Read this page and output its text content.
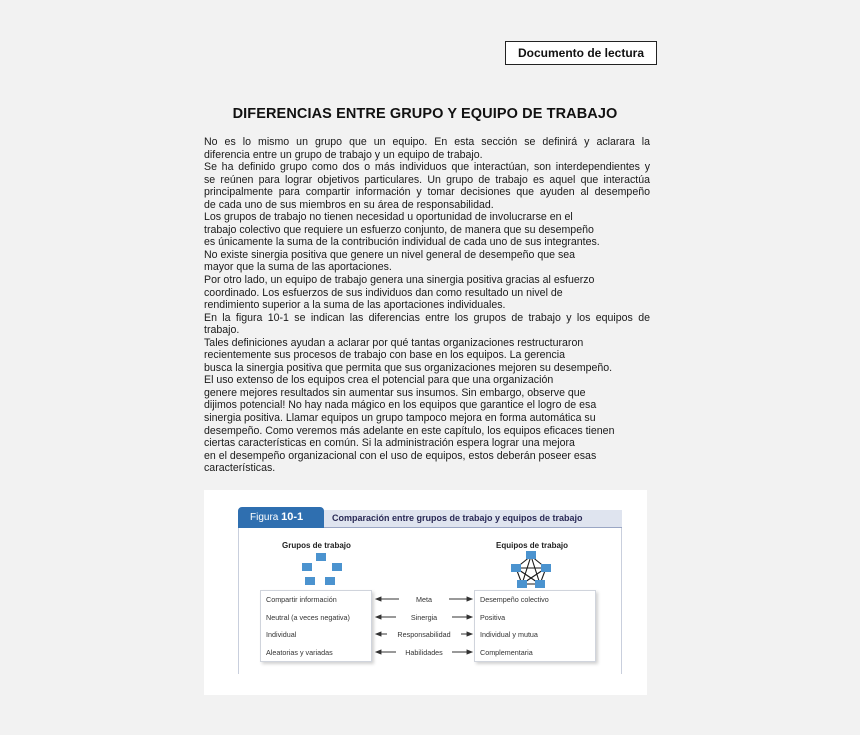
Documento de lectura
DIFERENCIAS ENTRE GRUPO Y EQUIPO DE TRABAJO
No es lo mismo un grupo que un equipo. En esta sección se definirá y aclarara la
diferencia entre un grupo de trabajo y un equipo de trabajo.
Se ha definido grupo como dos o más individuos que interactúan, son interdependientes y
se reúnen para lograr objetivos particulares. Un grupo de trabajo es aquel que interactúa
principalmente para compartir información y tomar decisiones que ayuden al desempeño
de cada uno de sus miembros en su área de responsabilidad.
Los grupos de trabajo no tienen necesidad u oportunidad de involucrarse en el
trabajo colectivo que requiere un esfuerzo conjunto, de manera que su desempeño
es únicamente la suma de la contribución individual de cada uno de sus integrantes.
No existe sinergia positiva que genere un nivel general de desempeño que sea
mayor que la suma de las aportaciones.
Por otro lado, un equipo de trabajo genera una sinergia positiva gracias al esfuerzo
coordinado. Los esfuerzos de sus individuos dan como resultado un nivel de
rendimiento superior a la suma de las aportaciones individuales.
En la figura 10-1 se indican las diferencias entre los grupos de trabajo y los equipos de
trabajo.
Tales definiciones ayudan a aclarar por qué tantas organizaciones restructuraron
recientemente sus procesos de trabajo con base en los equipos. La gerencia
busca la sinergia positiva que permita que sus organizaciones mejoren su desempeño.
El uso extenso de los equipos crea el potencial para que una organización
genere mejores resultados sin aumentar sus insumos. Sin embargo, observe que
dijimos potencial! No hay nada mágico en los equipos que garantice el logro de esa
sinergia positiva. Llamar equipos un grupo tampoco mejora en forma automática su
desempeño. Como veremos más adelante en este capítulo, los equipos eficaces tienen
ciertas características en común. Si la administración espera lograr una mejora
en el desempeño organizacional con el uso de equipos, estos deberán poseer esas
características.
Figura 10-1	Comparación entre grupos de trabajo y equipos de trabajo
Grupos de trabajo	Equipos de trabajo
Compartir información
Neutral (a veces negativa)
Individual
Aleatorias y variadas
Desempeño colectivo
Positiva
Individual y mutua
Complementaria
Meta
Sinergia
Responsabilidad
Habilidades
